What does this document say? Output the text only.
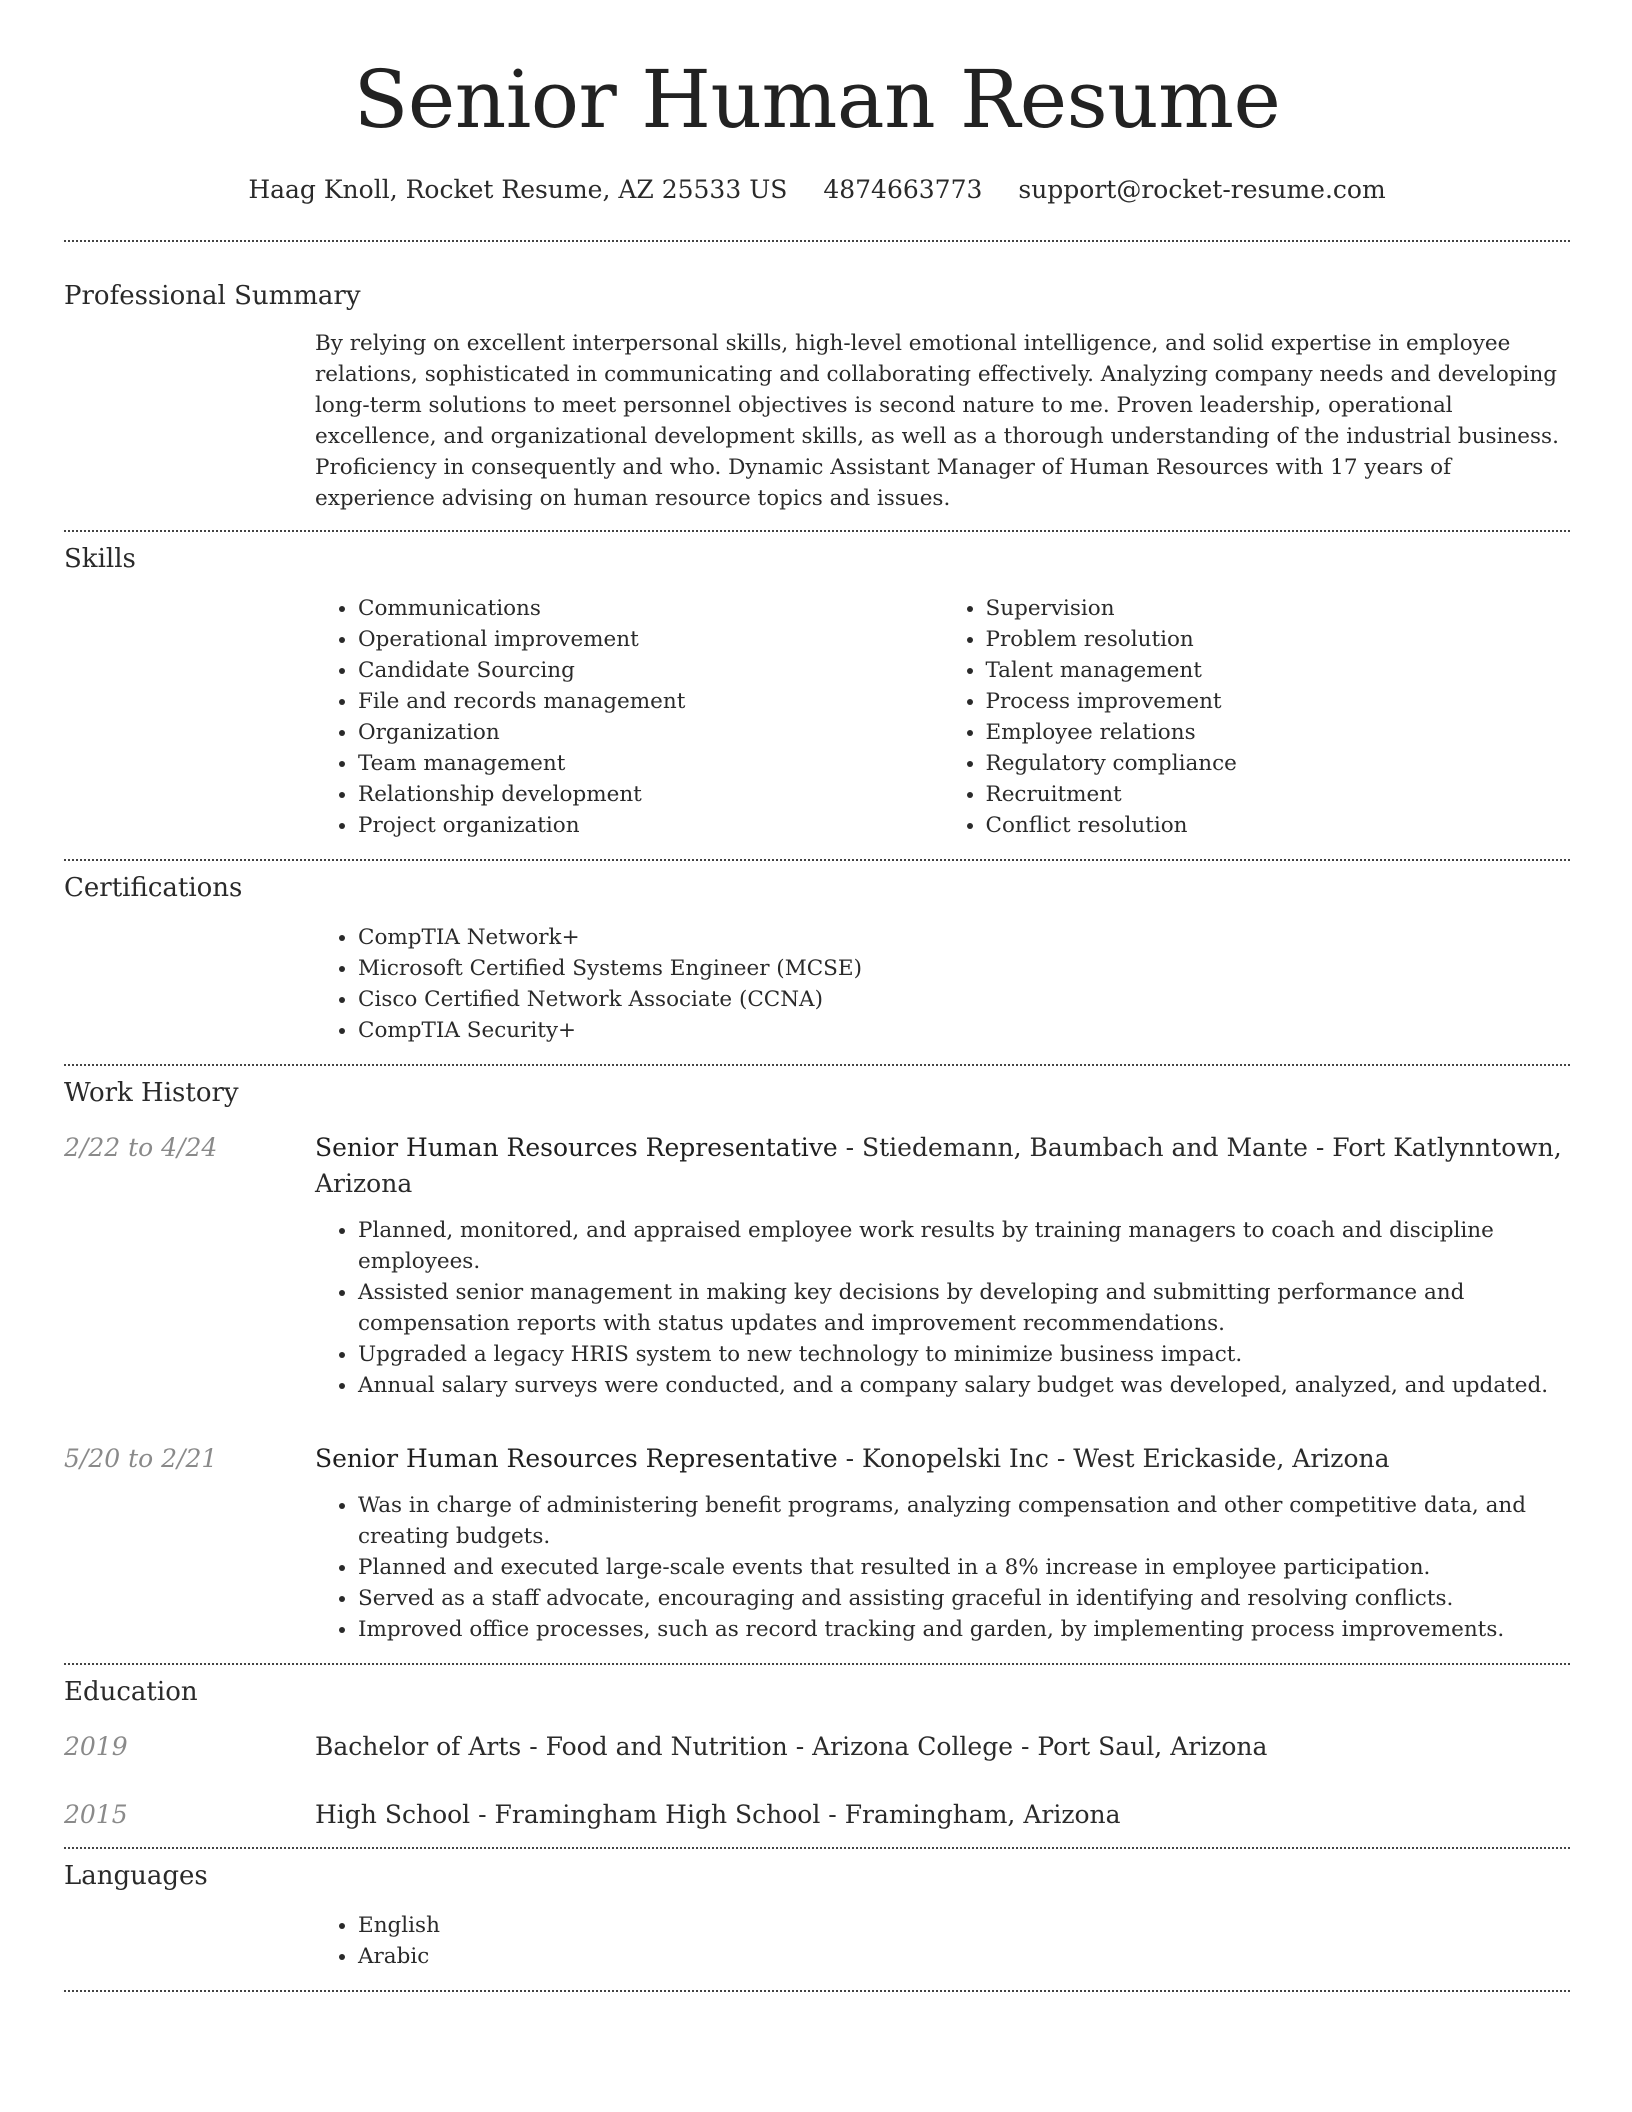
Senior Human Resume
Haag Knoll, Rocket Resume, AZ 25533 US 4874663773 support@rocket-resume.com
Professional Summary
By relying on excellent interpersonal skills, high-level emotional intelligence, and solid expertise in employee relations, sophisticated in communicating and collaborating effectively. Analyzing company needs and developing long-term solutions to meet personnel objectives is second nature to me. Proven leadership, operational excellence, and organizational development skills, as well as a thorough understanding of the industrial business. Proficiency in consequently and who. Dynamic Assistant Manager of Human Resources with 17 years of experience advising on human resource topics and issues.
Skills
• Communications
• Operational improvement
• Candidate Sourcing
• File and records management
• Organization
• Team management
• Relationship development
• Project organization
• Supervision
• Problem resolution
• Talent management
• Process improvement
• Employee relations
• Regulatory compliance
• Recruitment
• Conflict resolution
Certifications
• CompTIA Network+
• Microsoft Certified Systems Engineer (MCSE)
• Cisco Certified Network Associate (CCNA)
• CompTIA Security+
Work History
2/22 to 4/24	Senior Human Resources Representative - Stiedemann, Baumbach and Mante - Fort Katlynntown, Arizona
• Planned, monitored, and appraised employee work results by training managers to coach and discipline employees.
• Assisted senior management in making key decisions by developing and submitting performance and compensation reports with status updates and improvement recommendations.
• Upgraded a legacy HRIS system to new technology to minimize business impact.
• Annual salary surveys were conducted, and a company salary budget was developed, analyzed, and updated.
5/20 to 2/21	Senior Human Resources Representative - Konopelski Inc - West Erickaside, Arizona
• Was in charge of administering benefit programs, analyzing compensation and other competitive data, and creating budgets.
• Planned and executed large-scale events that resulted in a 8% increase in employee participation.
• Served as a staff advocate, encouraging and assisting graceful in identifying and resolving conflicts.
• Improved office processes, such as record tracking and garden, by implementing process improvements.
Education
2019	Bachelor of Arts - Food and Nutrition - Arizona College - Port Saul, Arizona
2015	High School - Framingham High School - Framingham, Arizona
Languages
• English
• Arabic
